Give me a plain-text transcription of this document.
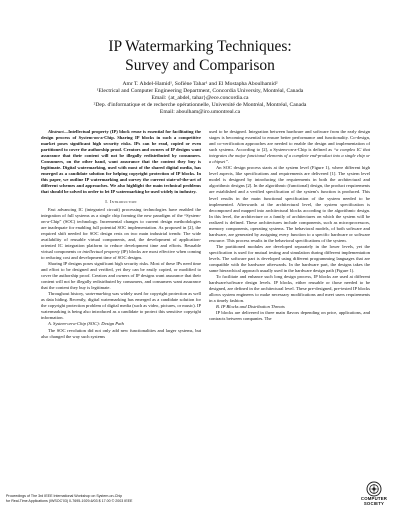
IP Watermarking Techniques:
Survey and Comparison
Amr T. Abdel-Hamid¹, Sofiène Tahar¹ and El Mostapha Aboulhamid²
¹Electrical and Computer Engineering Department, Concordia University, Montréal, Canada
Email: {at_abdel, tahar}@ece.concordia.ca
²Dep. d'informatique et de recherche opérationnelle, Université de Montréal, Montréal, Canada
Email: aboulham@iro.umontreal.ca

Abstract—Intellectual property (IP) block reuse is essential for facilitating the design process of System-on-a-Chip. Sharing IP blocks in such a competitive market poses significant high security risks. IPs can be read, copied or even partitioned to cover the authorship proof. Creators and owners of IP designs want assurance that their content will not be illegally redistributed by consumers. Consumers, on the other hand, want assurance that the content they buy is legitimate. Digital watermarking, used with most of the shared digital media, has emerged as a candidate solution for helping copyright protection of IP blocks. In this paper, we outline IP watermarking and survey the current state-of-the-art of different schemes and approaches. We also highlight the main technical problems that should be solved in order to let IP watermarking be used widely in industry.

I. Introduction

Fast advancing IC (integrated circuit) processing technologies have enabled the integration of full systems as a single chip forming the new paradigm of the “System-on-a-Chip” (SOC) technology. Incremental changes to current design methodologies are inadequate for enabling full potential SOC implementation. As proposed in [2], the required shift needed for SOC design rests on two main industrial trends: The wide availability of reusable virtual components, and, the development of application-oriented IC integration platform to reduce development time and efforts. Reusable virtual components or intellectual property (IP) blocks are most effective when coming to reducing cost and development time of SOC designs.

Sharing IP designs poses significant high security risks. Most of these IPs need time and effort to be designed and verified, yet they can be easily copied, or modified to cover the authorship proof. Creators and owners of IP designs want assurance that their content will not be illegally redistributed by consumers, and consumers want assurance that the content they buy is legitimate.

Throughout history, watermarking was widely used for copyright protection as well as data hiding. Recently, digital watermarking has emerged as a candidate solution for the copyright protection problem of digital media (such as video, pictures, or music). IP watermarking is being also introduced as a candidate to protect this sensitive copyright information.

A. System-on-a-Chip (SOC): Design Path

The SOC revolution did not only add new functionalities and larger systems, but also changed the way such systems

used to be designed. Integration between hardware and software from the early design stages is becoming essential to ensure better performance and functionality. Co-design, and co-verification approaches are needed to enable the design and implementation of such systems. According to [2], a System-on-a-Chip is defined as “a complex IC that integrates the major functional elements of a complete end-product into a single chip or a chipset”.

An SOC design process starts at the system level (Figure 1), where different high level aspects, like specifications and requirements are delivered [1]. The system level model is designed by introducing the requirements in both the architectural and algorithmic designs [2]. In the algorithmic (functional) design, the product requirements are established and a verified specification of the system's function is produced. This level results in the main functional specification of the system needed to be implemented. Afterwards at the architectural level, the system specification is decomposed and mapped into architectural blocks according to the algorithmic design. In this level, the architecture or a family of architectures on which the system will be realized is defined. These architectures include components, such as microprocessors, memory components, operating systems. The behavioral models, of both software and hardware, are generated by assigning every function to a specific hardware or software resource. This process results in the behavioral specifications of the system.

The partitioned modules are developed separately in the lower levels, yet the specification is used for mutual testing and simulation during different implementation levels. The software part is developed using different programming languages that are compatible with the hardware afterwards. In the hardware part, the designs takes the same hierarchical approach usually used in the hardware design path (Figure 1).

To facilitate and enhance such long design process, IP blocks are used at different hardware/software design levels. IP blocks, either reusable or those needed to be designed, are defined in the architectural level. These pre-designed, pre-tested IP blocks allows system engineers to make necessary modifications and meet users requirements in a timely fashion.

B. IP Blocks and Distribution Threats

IP blocks are delivered in three main flavors depending on price, applications, and contracts between companies. The

Proceedings of The 3rd IEEE International Workshop on System-on-Chip
for Real-Time Applications (IWSOC'03) 0-7695-1929-6/03 $ 17.00 © 2003 IEEE	COMPUTER
SOCIETY
